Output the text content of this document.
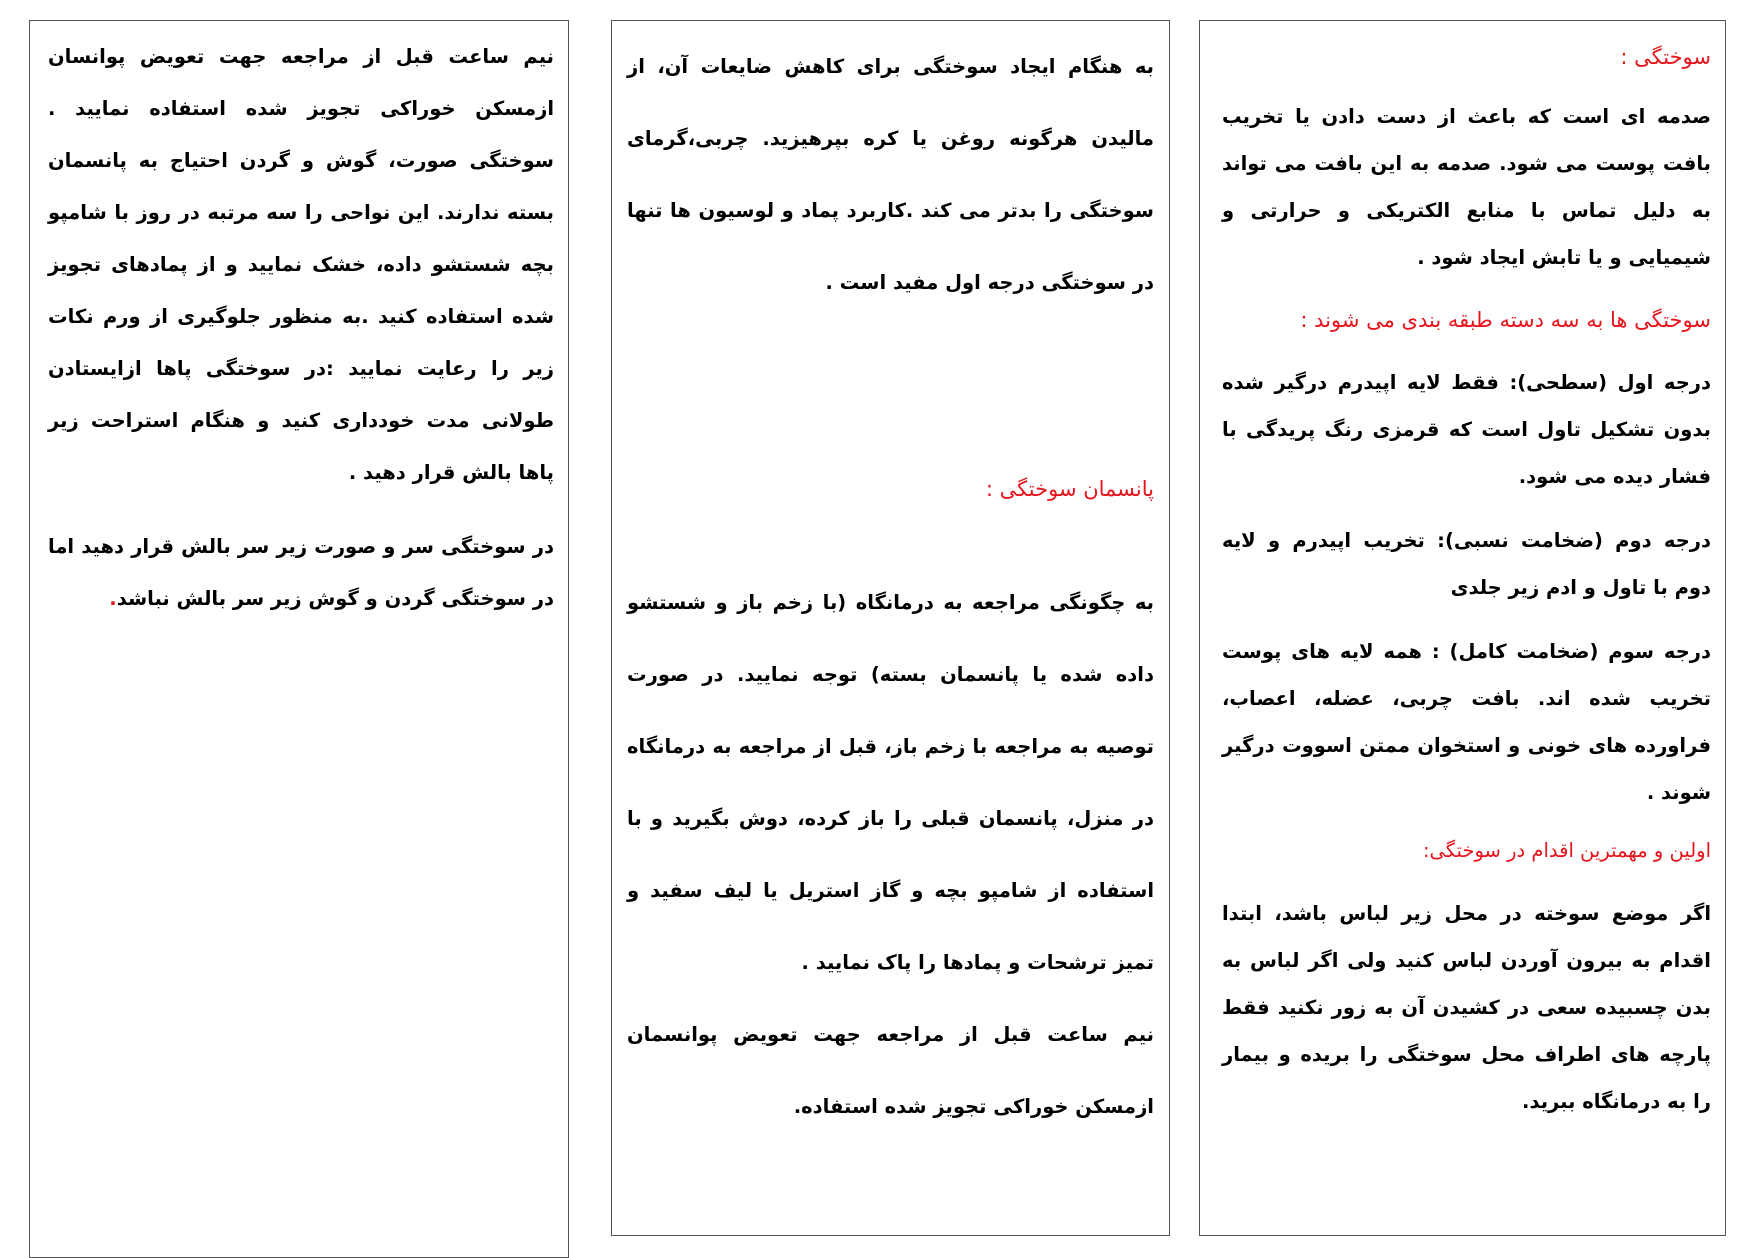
سوختگی :

صدمه ای است که باعث از دست دادن یا تخریب بافت پوست می شود. صدمه به این بافت می تواند به دلیل تماس با منابع الکتریکی و حرارتی و شیمیایی و یا تابش ایجاد شود .

سوختگی ها به سه دسته طبقه بندی می شوند :

درجه اول (سطحی): فقط لایه اپیدرم درگیر شده بدون تشکیل تاول است که قرمزی رنگ پریدگی با فشار دیده می شود.

درجه دوم (ضخامت نسبی): تخریب اپیدرم و لایه دوم با تاول و ادم زیر جلدی

درجه سوم (ضخامت کامل) : همه لایه های پوست تخریب شده اند. بافت چربی، عضله، اعصاب، فراورده های خونی و استخوان ممتن اسووت درگیر شوند .

اولین و مهمترین اقدام در سوختگی:

اگر موضع سوخته در محل زیر لباس باشد، ابتدا اقدام به بیرون آوردن لباس کنید ولی اگر لباس به بدن چسبیده سعی در کشیدن آن به زور نکنید فقط پارچه های اطراف محل سوختگی را بریده و بیمار را به درمانگاه ببرید.

به هنگام ایجاد سوختگی برای کاهش ضایعات آن، از مالیدن هرگونه روغن یا کره بپرهیزید. چربی،گرمای سوختگی را بدتر می کند .کاربرد پماد و لوسیون ها تنها در سوختگی درجه اول مفید است .

پانسمان سوختگی :

به چگونگی مراجعه به درمانگاه (با زخم باز و شستشو داده شده یا پانسمان بسته) توجه نمایید. در صورت توصیه به مراجعه با زخم باز، قبل از مراجعه به درمانگاه در منزل، پانسمان قبلی را باز کرده، دوش بگیرید و با استفاده از شامپو بچه و گاز استریل یا لیف سفید و تمیز ترشحات و پمادها را پاک نمایید .

نیم ساعت قبل از مراجعه جهت تعویض پوانسمان ازمسکن خوراکی تجویز شده استفاده.

نیم ساعت قبل از مراجعه جهت تعویض پوانسان ازمسکن خوراکی تجویز شده استفاده نمایید . سوختگی صورت، گوش و گردن احتیاج به پانسمان بسته ندارند. این نواحی را سه مرتبه در روز با شامپو بچه شستشو داده، خشک نمایید و از پمادهای تجویز شده استفاده کنید .به منظور جلوگیری از ورم نکات زیر را رعایت نمایید :در سوختگی پاها ازایستادن طولانی مدت خودداری کنید و هنگام استراحت زیر پاها بالش قرار دهید .

در سوختگی سر و صورت زیر سر بالش قرار دهید اما در سوختگی گردن و گوش زیر سر بالش نباشد.
